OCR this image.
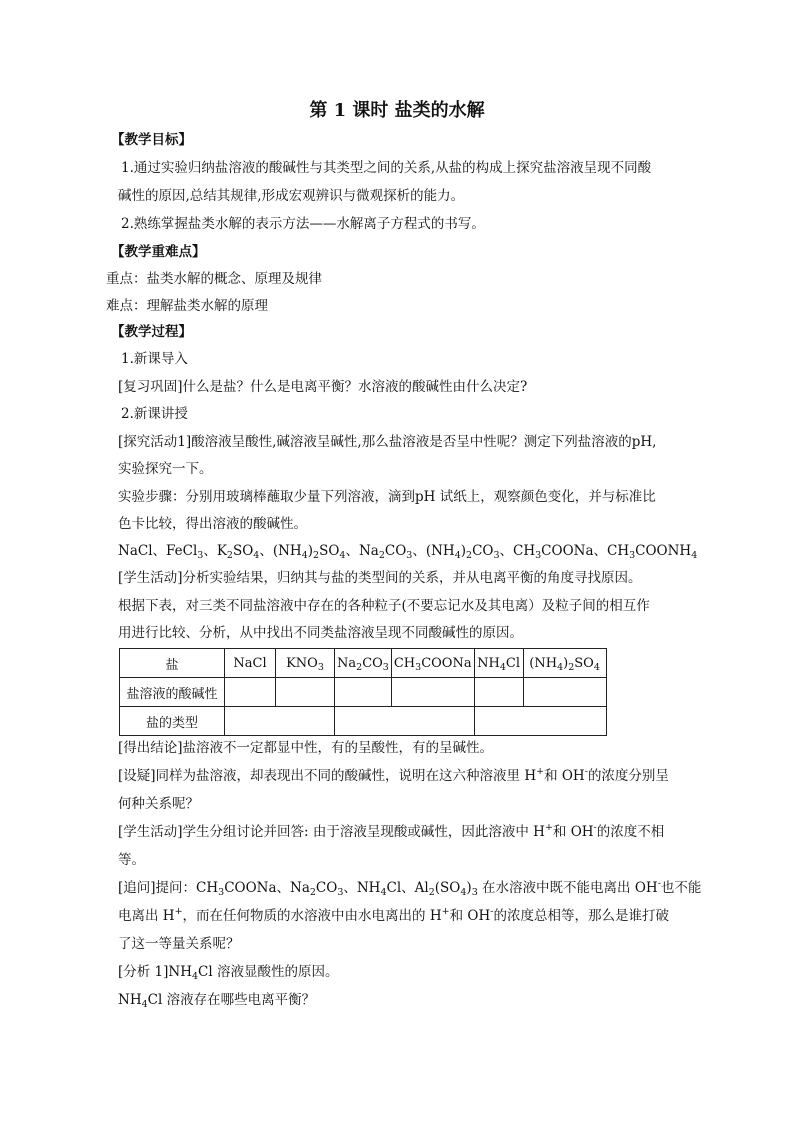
第 1 课时 盐类的水解
【教学目标】
1.通过实验归纳盐溶液的酸碱性与其类型之间的关系,从盐的构成上探究盐溶液呈现不同酸
碱性的原因,总结其规律,形成宏观辨识与微观探析的能力。
2.熟练掌握盐类水解的表示方法——水解离子方程式的书写。
【教学重难点】
重点：盐类水解的概念、原理及规律
难点：理解盐类水解的原理
【教学过程】
1.新课导入
[复习巩固]什么是盐？什么是电离平衡？水溶液的酸碱性由什么决定?
2.新课讲授
[探究活动1]酸溶液呈酸性,碱溶液呈碱性,那么盐溶液是否呈中性呢？测定下列盐溶液的pH,
实验探究一下。
实验步骤：分别用玻璃棒蘸取少量下列溶液，滴到pH 试纸上，观察颜色变化，并与标准比
色卡比较，得出溶液的酸碱性。
NaCl、FeCl$_3$、$K_2SO_4$、$(NH_4)_2SO_4$、$Na_2CO_3$、$(NH_4)_2CO_3$、$CH_3COONa$、$CH_3COONH_4$
[学生活动]分析实验结果，归纳其与盐的类型间的关系，并从电离平衡的角度寻找原因。
根据下表，对三类不同盐溶液中存在的各种粒子(不要忘记水及其电离）及粒子间的相互作
用进行比较、分析，从中找出不同类盐溶液呈现不同酸碱性的原因。
盐	NaCl	$KNO_3$	$Na_2CO_3$	$CH_3COONa$	$NH_4Cl$	$(NH_4)_2SO_4$
盐溶液的酸碱性						
盐的类型						
[得出结论]盐溶液不一定都显中性，有的呈酸性，有的呈碱性。
[设疑]同样为盐溶液，却表现出不同的酸碱性，说明在这六种溶液里 H+和 OH-的浓度分别呈
何种关系呢？
[学生活动]学生分组讨论并回答: 由于溶液呈现酸或碱性，因此溶液中 H+和 OH-的浓度不相
等。
[追问]提问：$CH_3COONa$、$Na_2CO_3$、$NH_4Cl$、$Al_2(SO_4)_3$ 在水溶液中既不能电离出 OH-也不能
电离出 H+，而在任何物质的水溶液中由水电离出的 H+和 OH-的浓度总相等，那么是谁打破
了这一等量关系呢？
[分析 $1]NH_4Cl$ 溶液显酸性的原因。
$NH_4Cl$ 溶液存在哪些电离平衡？
